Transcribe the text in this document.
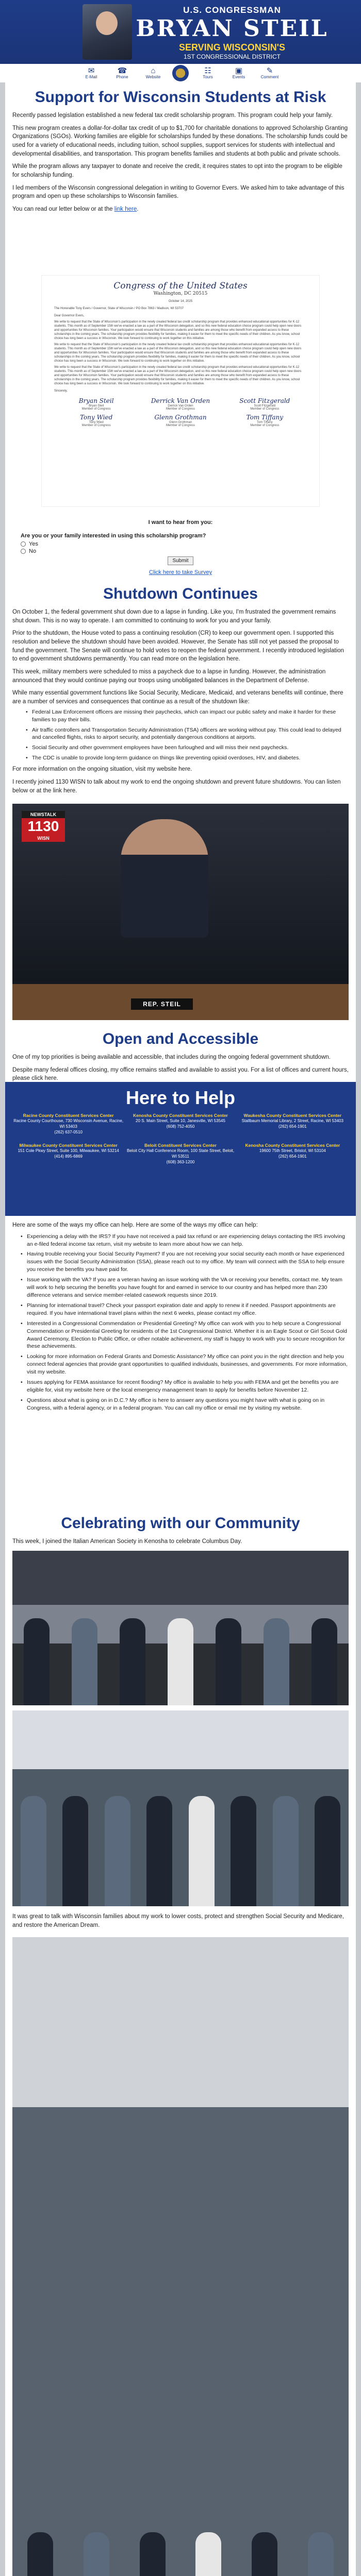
U.S. CONGRESSMAN
BRYAN STEIL
SERVING WISCONSIN'S
1ST CONGRESSIONAL DISTRICT
✉
E-Mail
☎
Phone
⌂
Website
☷
Tours
▣
Events
✎
Comment
Support for Wisconsin Students at Risk

Recently passed legislation established a new federal tax credit scholarship program. This program could help your family.

This new program creates a dollar-for-dollar tax credit of up to $1,700 for charitable donations to approved Scholarship Granting Organizations (SGOs). Working families are eligible for scholarships funded by these donations. The scholarship funds could be used for a variety of educational needs, including tuition, school supplies, support services for students with intellectual and developmental disabilities, and transportation. This program benefits families and students at both public and private schools.

While the program allows any taxpayer to donate and receive the credit, it requires states to opt into the program to be eligible for scholarship funding.

I led members of the Wisconsin congressional delegation in writing to Governor Evers. We asked him to take advantage of this program and open up these scholarships to Wisconsin families.

You can read our letter below or at the link here.

Congress of the United States
Washington, DC 20515
October 14, 2025
The Honorable Tony Evers / Governor, State of Wisconsin / PO Box 7863 / Madison, WI 53707
Dear Governor Evers,
We write to request that the State of Wisconsin's participation in the newly created federal tax credit scholarship program that provides enhanced educational opportunities for K-12 students. This month as of September 15th we've enacted a law as a part of the Wisconsin delegation, and so this new federal education choice program could help open new doors and opportunities for Wisconsin families. Your participation would ensure that Wisconsin students and families are among those who benefit from expanded access to these scholarships in the coming years. The scholarship program provides flexibility for families, making it easier for them to meet the specific needs of their children. As you know, school choice has long been a success in Wisconsin. We look forward to continuing to work together on this initiative.
We write to request that the State of Wisconsin's participation in the newly created federal tax credit scholarship program that provides enhanced educational opportunities for K-12 students. This month as of September 15th we've enacted a law as a part of the Wisconsin delegation, and so this new federal education choice program could help open new doors and opportunities for Wisconsin families. Your participation would ensure that Wisconsin students and families are among those who benefit from expanded access to these scholarships in the coming years. The scholarship program provides flexibility for families, making it easier for them to meet the specific needs of their children. As you know, school choice has long been a success in Wisconsin. We look forward to continuing to work together on this initiative.
We write to request that the State of Wisconsin's participation in the newly created federal tax credit scholarship program that provides enhanced educational opportunities for K-12 students. This month as of September 15th we've enacted a law as a part of the Wisconsin delegation, and so this new federal education choice program could help open new doors and opportunities for Wisconsin families. Your participation would ensure that Wisconsin students and families are among those who benefit from expanded access to these scholarships in the coming years. The scholarship program provides flexibility for families, making it easier for them to meet the specific needs of their children. As you know, school choice has long been a success in Wisconsin. We look forward to continuing to work together on this initiative.
Sincerely,
Bryan Steil
Bryan Steil
Member of Congress
Derrick Van Orden
Derrick Van Orden
Member of Congress
Scott Fitzgerald
Scott Fitzgerald
Member of Congress
Tony Wied
Tony Wied
Member of Congress
Glenn Grothman
Glenn Grothman
Member of Congress
Tom Tiffany
Tom Tiffany
Member of Congress
I want to hear from you:
Are you or your family interested in using this scholarship program?
Yes
No
Submit
Click here to take Survey
Shutdown Continues

On October 1, the federal government shut down due to a lapse in funding. Like you, I'm frustrated the government remains shut down. This is no way to operate. I am committed to continuing to work for you and your family.

Prior to the shutdown, the House voted to pass a continuing resolution (CR) to keep our government open. I supported this resolution and believe the shutdown should have been avoided. However, the Senate has still not yet passed the proposal to fund the government. The Senate will continue to hold votes to reopen the federal government. I recently introduced legislation to end government shutdowns permanently. You can read more on the legislation here.

This week, military members were scheduled to miss a paycheck due to a lapse in funding. However, the administration announced that they would continue paying our troops using unobligated balances in the Department of Defense.

While many essential government functions like Social Security, Medicare, Medicaid, and veterans benefits will continue, there are a number of services and consequences that continue as a result of the shutdown like:

• Federal Law Enforcement officers are missing their paychecks, which can impact our public safety and make it harder for these families to pay their bills.
• Air traffic controllers and Transportation Security Administration (TSA) officers are working without pay. This could lead to delayed and cancelled flights, risks to airport security, and potentially dangerous conditions at airports.
• Social Security and other government employees have been furloughed and will miss their next paychecks.
• The CDC is unable to provide long-term guidance on things like preventing opioid overdoses, HIV, and diabetes.

For more information on the ongoing situation, visit my website here.

I recently joined 1130 WISN to talk about my work to end the ongoing shutdown and prevent future shutdowns. You can listen below or at the link here.

NEWSTALK
1130
WISN
REP. STEIL
Open and Accessible

One of my top priorities is being available and accessible, that includes during the ongoing federal government shutdown.

Despite many federal offices closing, my office remains staffed and available to assist you. For a list of offices and current hours, please click here.

Here to Help
Racine County Constituent Services Center
Racine County Courthouse, 730 Wisconsin Avenue, Racine, WI 53403
(262) 637-0510
Kenosha County Constituent Services Center
20 S. Main Street, Suite 10, Janesville, WI 53545
(608) 752-4050
Waukesha County Constituent Services Center
Stallbaum Memorial Library, 2 Street, Racine, WI 53403
(262) 654-1901
Milwaukee County Constituent Services Center
151 Cole Pkwy Street, Suite 100, Milwaukee, WI 53214
(414) 895-6869
Beloit Constituent Services Center
Beloit City Hall Conference Room, 100 State Street, Beloit, WI 53511
(608) 363-1200
Kenosha County Constituent Services Center
19600 75th Street, Bristol, WI 53104
(262) 654-1901

Here are some of the ways my office can help. Here are some of the ways my office can help:

• Experiencing a delay with the IRS? If you have not received a paid tax refund or are experiencing delays contacting the IRS involving an e-filed federal income tax return, visit my website to learn more about how we can help.
• Having trouble receiving your Social Security Payment? If you are not receiving your social security each month or have experienced issues with the Social Security Administration (SSA), please reach out to my office. My team will connect with the SSA to help ensure you receive the benefits you have paid for.
• Issue working with the VA? If you are a veteran having an issue working with the VA or receiving your benefits, contact me. My team will work to help securing the benefits you have fought for and earned in service to our country and has helped more than 230 difference veterans and service member-related casework requests since 2019.
• Planning for international travel? Check your passport expiration date and apply to renew it if needed. Passport appointments are required. If you have international travel plans within the next 6 weeks, please contact my office.
• Interested in a Congressional Commendation or Presidential Greeting? My office can work with you to help secure a Congressional Commendation or Presidential Greeting for residents of the 1st Congressional District. Whether it is an Eagle Scout or Girl Scout Gold Award Ceremony, Election to Public Office, or other notable achievement, my staff is happy to work with you to secure recognition for these achievements.
• Looking for more information on Federal Grants and Domestic Assistance? My office can point you in the right direction and help you connect federal agencies that provide grant opportunities to qualified individuals, businesses, and governments. For more information, visit my website.
• Issues applying for FEMA assistance for recent flooding? My office is available to help you with FEMA and get the benefits you are eligible for, visit my website here or the local emergency management team to apply for benefits before November 12.
• Questions about what is going on in D.C.? My office is here to answer any questions you might have with what is going on in Congress, with a federal agency, or in a federal program. You can call my office or email me by visiting my website.
Celebrating with our Community

This week, I joined the Italian American Society in Kenosha to celebrate Columbus Day.

It was great to talk with Wisconsin families about my work to lower costs, protect and strengthen Social Security and Medicare, and restore the American Dream.
